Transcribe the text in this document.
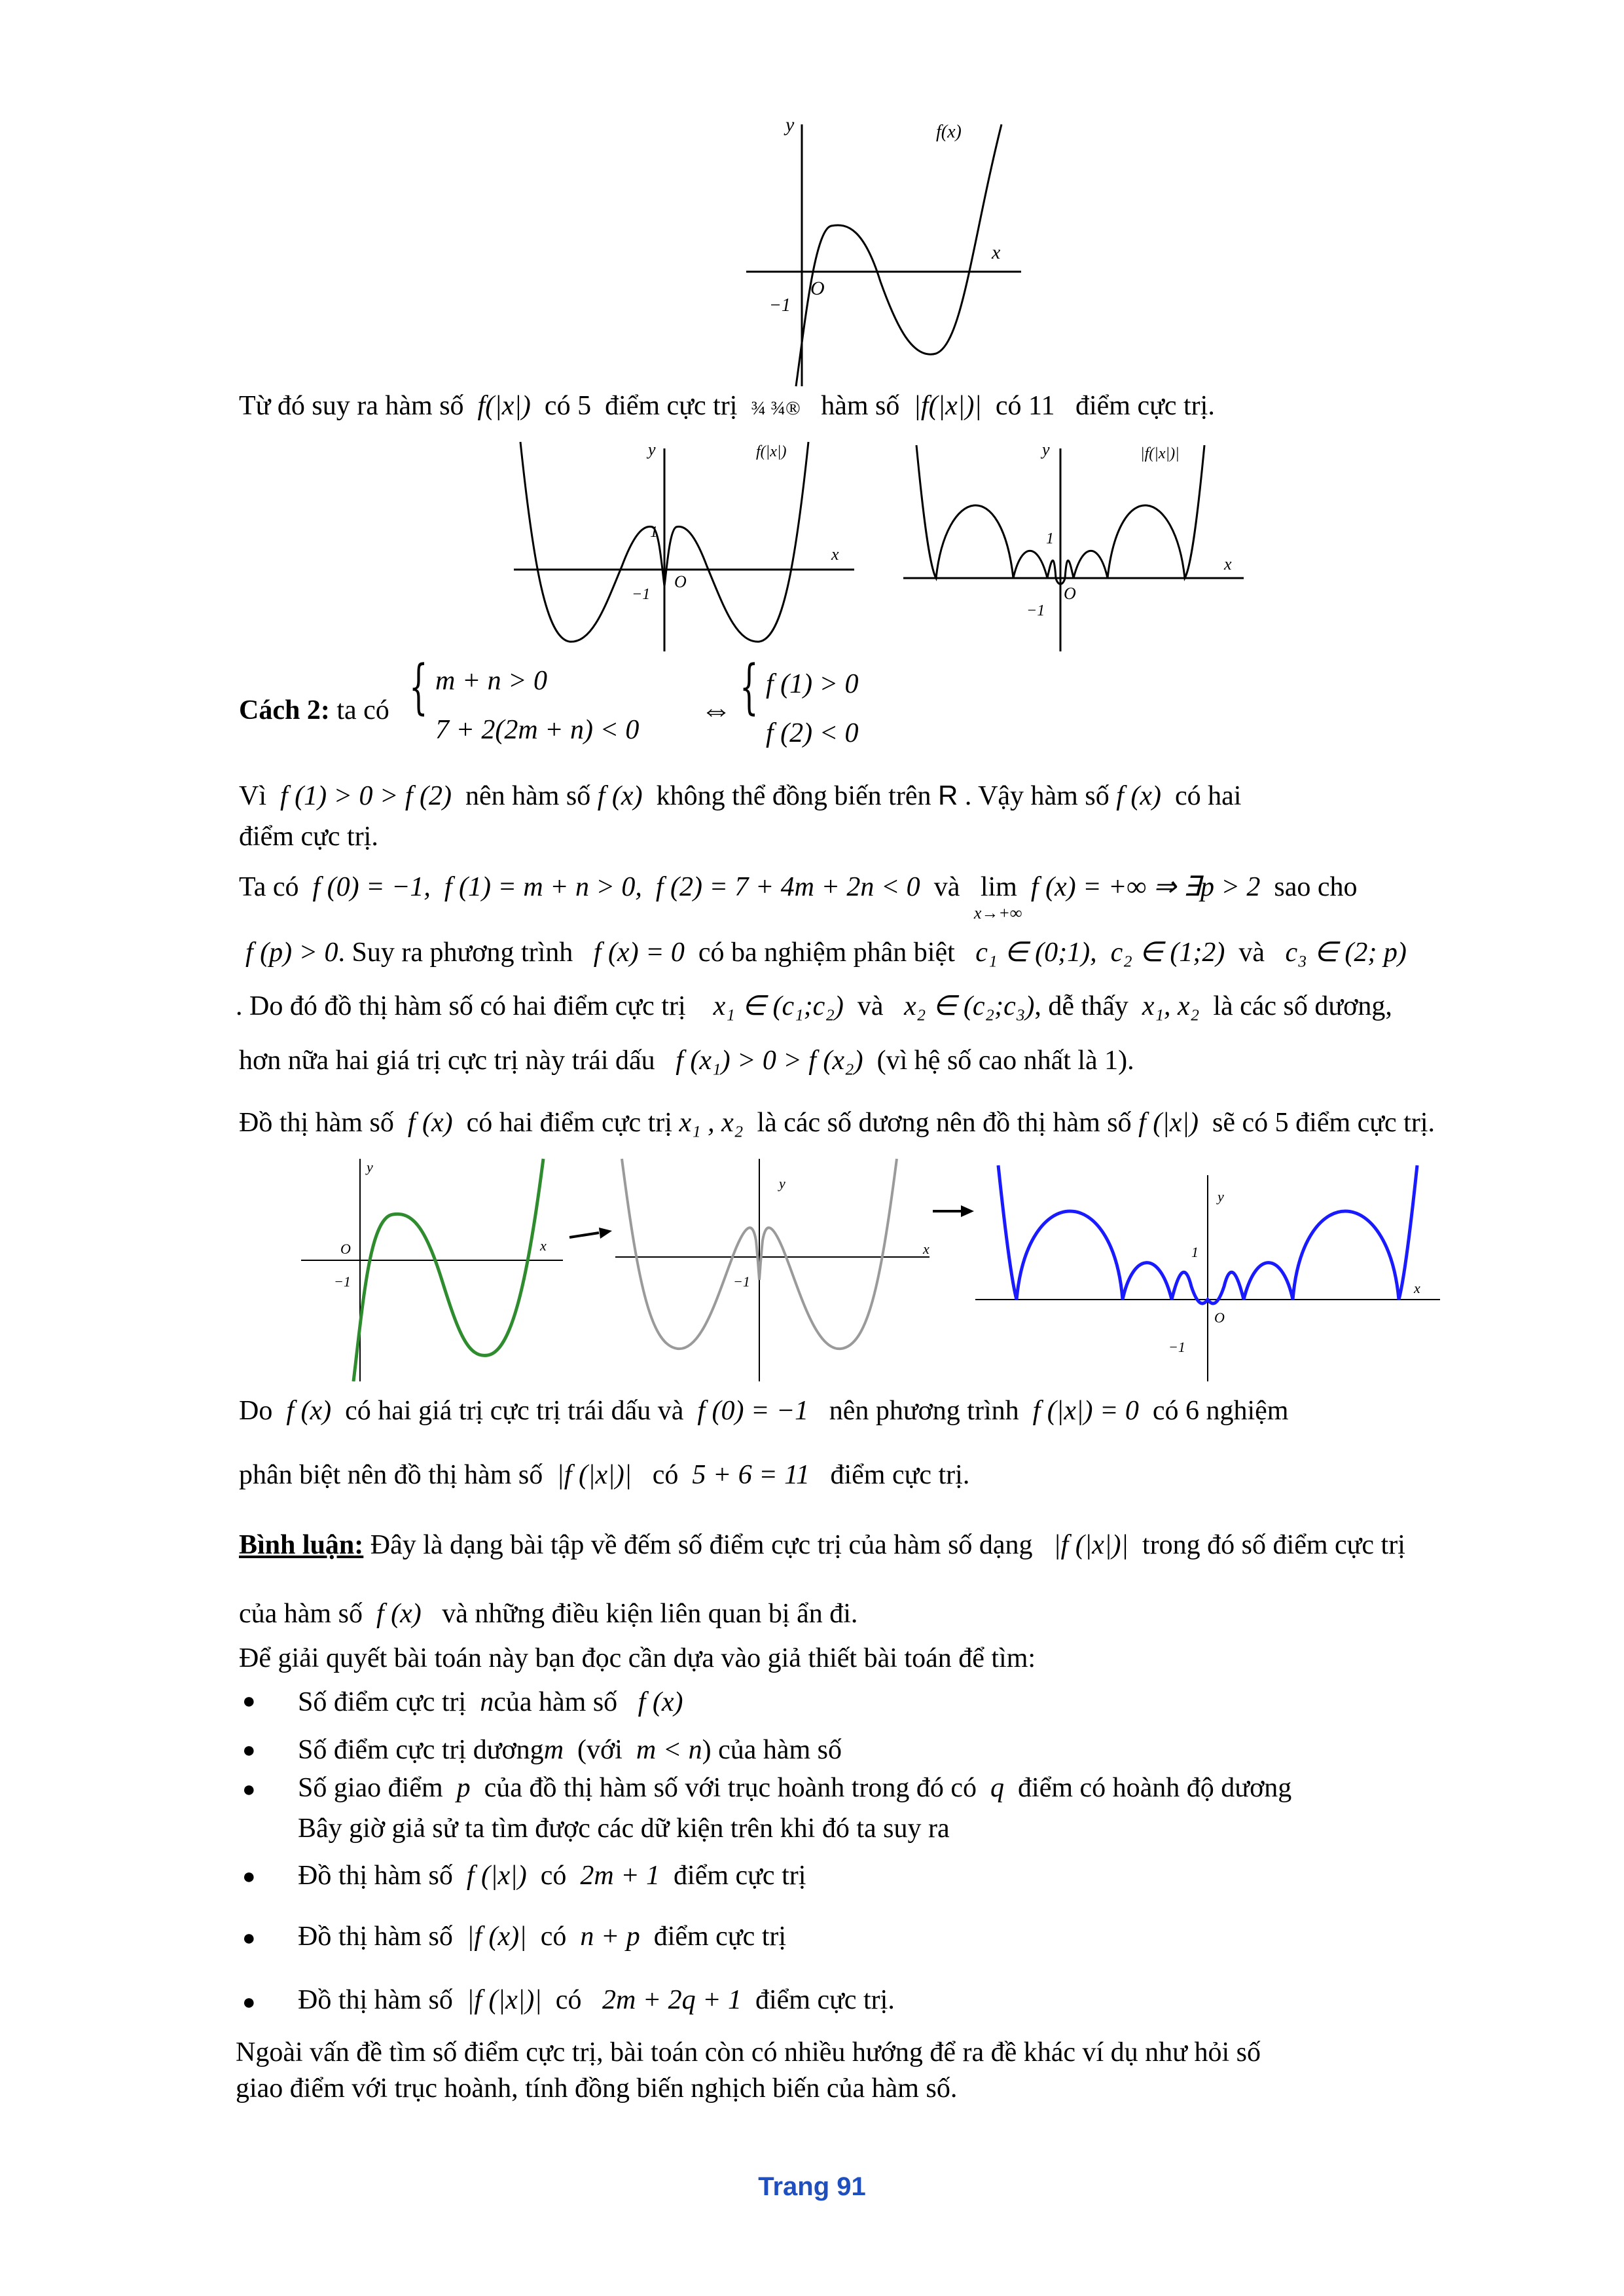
y
x
f(x)
O
−1
Từ đó suy ra hàm số f(|x|) có 5 điểm cực trị ¾ ¾® hàm số |f(|x|)| có 11 điểm cực trị.
y
x
f(|x|)
O
1
−1
y
x
|f(|x|)|
O
1
−1
Cách 2: ta có { m + n > 0
7 + 2(2m + n) < 0
⇔ { f (1) > 0
f (2) < 0
Vì f (1) > 0 > f (2) nên hàm số f (x) không thể đồng biến trên R . Vậy hàm số f (x) có hai
điểm cực trị.
Ta có f (0) = −1, f (1) = m + n > 0, f (2) = 7 + 4m + 2n < 0 và lim
x→+∞
f (x) = +∞ ⇒ ∃p > 2 sao cho
f (p) > 0. Suy ra phương trình f (x) = 0 có ba nghiệm phân biệt c₁ ∈ (0;1), c₂ ∈ (1;2) và c₃ ∈ (2; p)
. Do đó đồ thị hàm số có hai điểm cực trị x₁ ∈ (c₁;c₂) và x₂ ∈ (c₂;c₃), dễ thấy x₁, x₂ là các số dương,
hơn nữa hai giá trị cực trị này trái dấu f (x₁) > 0 > f (x₂) (vì hệ số cao nhất là 1).
Đồ thị hàm số f (x) có hai điểm cực trị x₁ , x₂ là các số dương nên đồ thị hàm số f (|x|) sẽ có 5 điểm cực trị.
y
x
O
−1
y
x
−1
y
x
O
1
−1
Do f (x) có hai giá trị cực trị trái dấu và f (0) = −1 nên phương trình f (|x|) = 0 có 6 nghiệm
phân biệt nên đồ thị hàm số |f (|x|)| có 5 + 6 = 11 điểm cực trị.
Bình luận: Đây là dạng bài tập về đếm số điểm cực trị của hàm số dạng |f (|x|)| trong đó số điểm cực trị
của hàm số f (x) và những điều kiện liên quan bị ẩn đi.
Để giải quyết bài toán này bạn đọc cần dựa vào giả thiết bài toán để tìm:
● Số điểm cực trị ncủa hàm số f (x)
● Số điểm cực trị dươngm (với m < n) của hàm số
● Số giao điểm p của đồ thị hàm số với trục hoành trong đó có q điểm có hoành độ dương
Bây giờ giả sử ta tìm được các dữ kiện trên khi đó ta suy ra
● Đồ thị hàm số f (|x|) có 2m + 1 điểm cực trị
● Đồ thị hàm số |f (x)| có n + p điểm cực trị
● Đồ thị hàm số |f (|x|)| có 2m + 2q + 1 điểm cực trị.
Ngoài vấn đề tìm số điểm cực trị, bài toán còn có nhiều hướng để ra đề khác ví dụ như hỏi số
giao điểm với trục hoành, tính đồng biến nghịch biến của hàm số.
Trang 91
